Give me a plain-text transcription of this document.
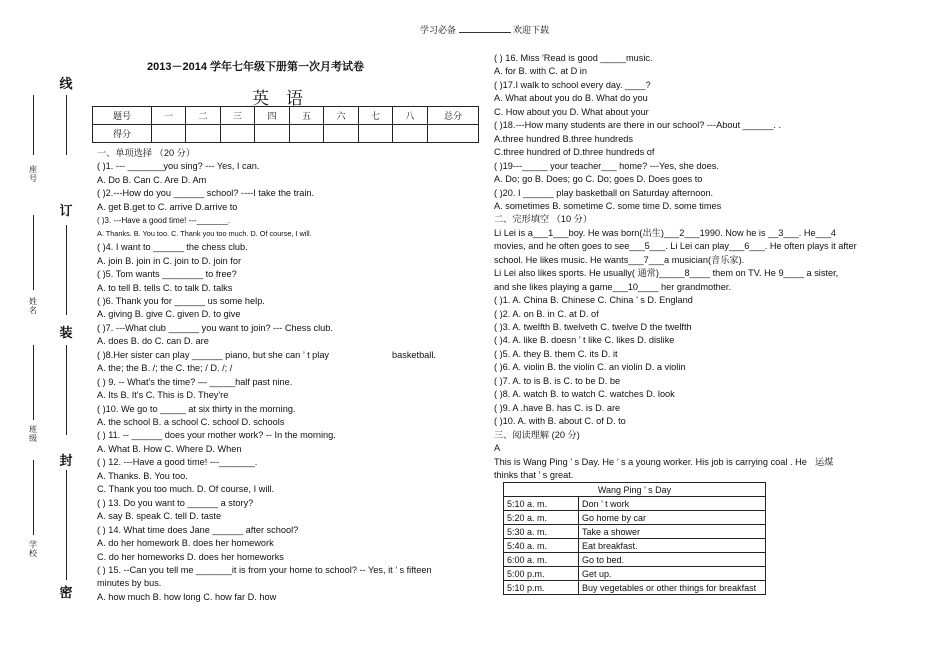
学习必备	欢迎下载
线
订
装
封
密
座号
姓名
班级
学校
2013－2014 学年七年级下册第一次月考试卷
英　语
题号	一	二	三	四	五	六	七	八	总分
得分									
一、单项选择 （20 分）
( )1. --- _______you sing? --- Yes, I can.
A. Do B. Can C. Are D. Am
( )2.---How do you ______ school? ----I take the train.
A. get B.get to C. arrive D.arrive to
( )3. ---Have a good time! ---_______.
A. Thanks. B. You too. C. Thank you too much. D. Of course, I will.
( )4. I want to ______ the chess club.
A. join B. join in C. join to D. join for
( )5. Tom wants ________ to free?
A. to tell B. tells C. to talk D. talks
( )6. Thank you for ______ us some help.
A. giving B. give C. given D. to give
( )7. ---What club ______ you want to join? --- Chess club.
A. does B. do C. can D. are
( )8.Her sister can play ______ piano, but she can ’ t play
A. the; the B. /; the C. the; / D. /; /
( ) 9. -- What's the time? — _____half past nine.
A. Its B. It's C. This is D. They're
( )10. We go to _____ at six thirty in the morning.
A. the school B. a school C. school D. schools
( ) 11. -- ______ does your mother work? -- In the morning.
A. What B. How C. Where D. When
( ) 12. ---Have a good time! ---_______.
A. Thanks. B. You too.
C. Thank you too much. D. Of course, I will.
( ) 13. Do you want to ______ a story?
A. say B. speak C. tell D. taste
( ) 14. What time does Jane ______ after school?
A. do her homework B. does her homework
C. do her homeworks D. does her homeworks
( ) 15. --Can you tell me _______it is from your home to school? -- Yes, it ’ s fifteen
minutes by bus.
A. how much B. how long C. how far D. how
basketball.
( ) 16. Miss 'Read is good _____music.
A. for B. with C. at D in
( )17.I walk to school every day. ____?
A. What about you do B. What do you
C. How about you D. What about your
( )18.---How many students are there in our school? ---About ______. .
A.three hundred B.three hundreds
C.three hundred of D.three hundreds of
( )19---_____ your teacher___ home? ---Yes, she does.
A. Do; go B. Does; go C. Do; goes D. Does goes to
( )20. I ______ play basketball on Saturday afternoon.
A. sometimes B. sometime C. some time D. some times
二、完形填空 （10 分）
Li Lei is a___1___boy. He was born(出生)___2___1990. Now he is __3___. He___4
movies, and he often goes to see___5___. Li Lei can play___6___. He often plays it after
school. He likes music. He wants___7___a musician(音乐家).
Li Lei also likes sports. He usually( 通常)_____8____ them on TV. He 9____ a sister,
and she likes playing a game___10____ her grandmother.
( )1. A. China B. Chinese C. China ’ s D. England
( )2. A. on B. in C. at D. of
( )3. A. twelfth B. twelveth C. twelve D the twelfth
( )4. A. like B. doesn ’ t like C. likes D. dislike
( )5. A. they B. them C. its D. it
( )6. A. violin B. the violin C. an violin D. a violin
( )7. A. to is B. is C. to be D. be
( )8. A. watch B. to watch C. watches D. look
( )9. A .have B. has C. is D. are
( )10. A. with B. about C. of D. to
三、阅读理解 (20 分)
A
This is Wang Ping ’ s Day. He ’ s a young worker. His job is carrying coal . He
thinks that ’ s great.
运煤
Wang Ping ’ s Day	
5:10 a. m.	Don ’ t work
5:20 a. m.	Go home by car
5:30 a. m.	Take a shower
5:40 a. m.	Eat breakfast.
6:00 a. m.	Go to bed.
5:00 p.m.	Get up.
5:10 p.m.	Buy vegetables or other things for breakfast
